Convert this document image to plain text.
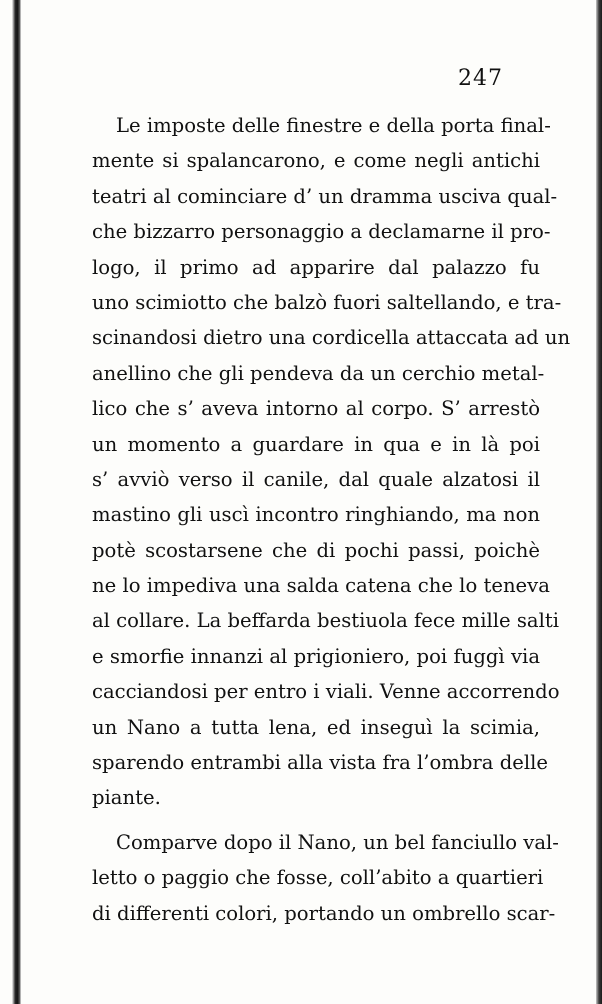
247
Le imposte delle finestre e della porta final-
mente si spalancarono, e come negli antichi
teatri al cominciare d’ un dramma usciva qual-
che bizzarro personaggio a declamarne il pro-
logo, il primo ad apparire dal palazzo fu
uno scimiotto che balzò fuori saltellando, e tra-
scinandosi dietro una cordicella attaccata ad un
anellino che gli pendeva da un cerchio metal-
lico che s’ aveva intorno al corpo. S’ arrestò
un momento a guardare in qua e in là poi
s’ avviò verso il canile, dal quale alzatosi il
mastino gli uscì incontro ringhiando, ma non
potè scostarsene che di pochi passi, poichè
ne lo impediva una salda catena che lo teneva
al collare. La beffarda bestiuola fece mille salti
e smorfie innanzi al prigioniero, poi fuggì via
cacciandosi per entro i viali. Venne accorrendo
un Nano a tutta lena, ed inseguì la scimia,
sparendo entrambi alla vista fra l’ombra delle
piante.
Comparve dopo il Nano, un bel fanciullo val-
letto o paggio che fosse, coll’abito a quartieri
di differenti colori, portando un ombrello scar-
